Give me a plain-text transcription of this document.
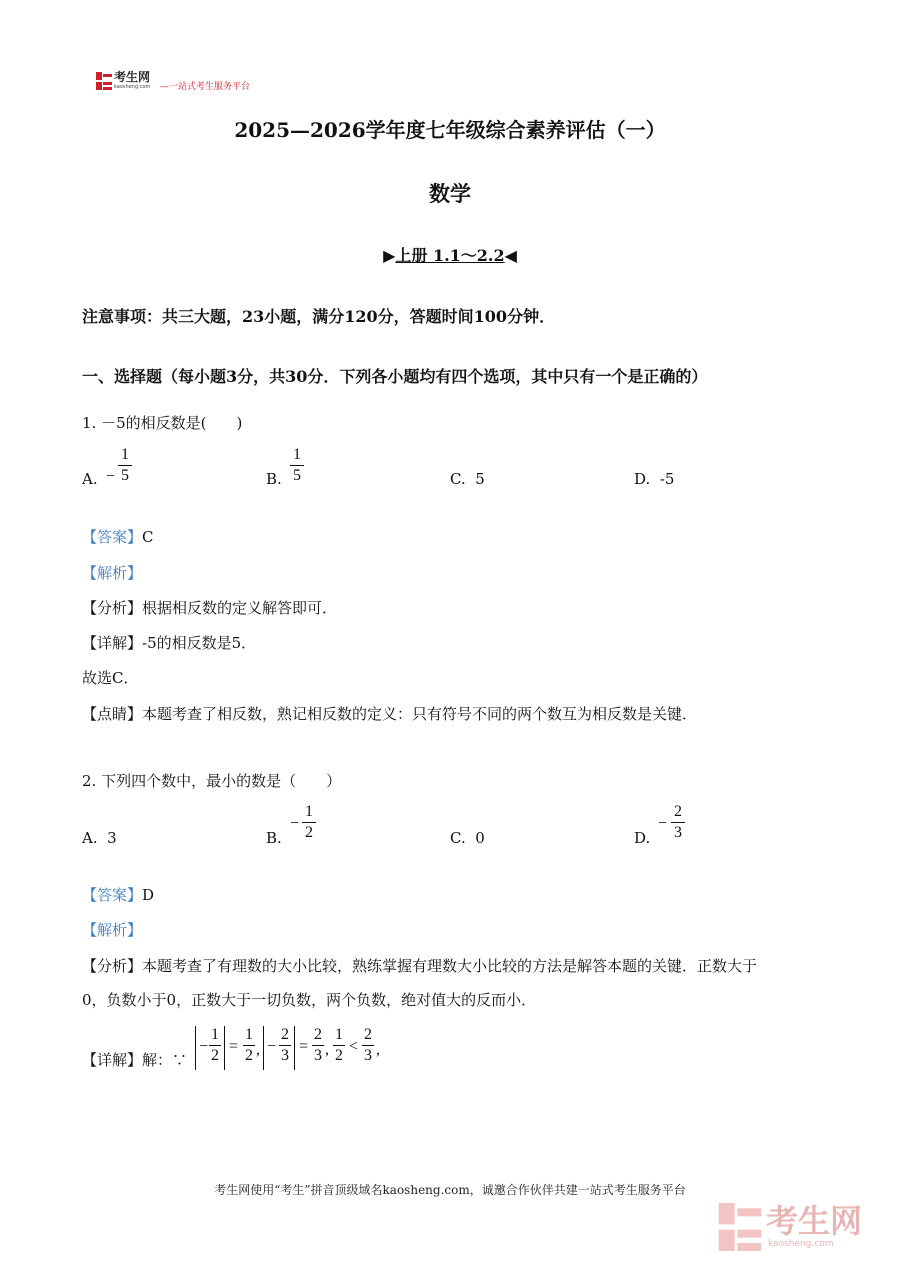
考生网
kaosheng.com —一站式考生服务平台
2025—2026学年度七年级综合素养评估（一）
数学
▶上册 1.1～2.2◀
注意事项：共三大题，23小题，满分120分，答题时间100分钟．
一、选择题（每小题3分，共30分．下列各小题均有四个选项，其中只有一个是正确的）
1. －5的相反数是(　　)
A. −
1
5	B.
1
5	C. 5	D. -5
【答案】C
【解析】
【分析】根据相反数的定义解答即可．
【详解】-5的相反数是5．
故选C．
【点睛】本题考查了相反数，熟记相反数的定义：只有符号不同的两个数互为相反数是关键．
2. 下列四个数中，最小的数是（　　）
A. 3	B.
−
1
2	C. 0	D.
−
2
3
【答案】D
【解析】
【分析】本题考查了有理数的大小比较，熟练掌握有理数大小比较的方法是解答本题的关键．正数大于
0，负数小于0，正数大于一切负数，两个负数，绝对值大的反而小．
【详解】解：∵
−
1
2
=
1
2 , −
2
3
=
2
3 ,
1
2
<
2
3 ,
考生网使用“考生”拼音顶级域名kaosheng.com，诚邀合作伙伴共建一站式考生服务平台
考生网
kaosheng.com
